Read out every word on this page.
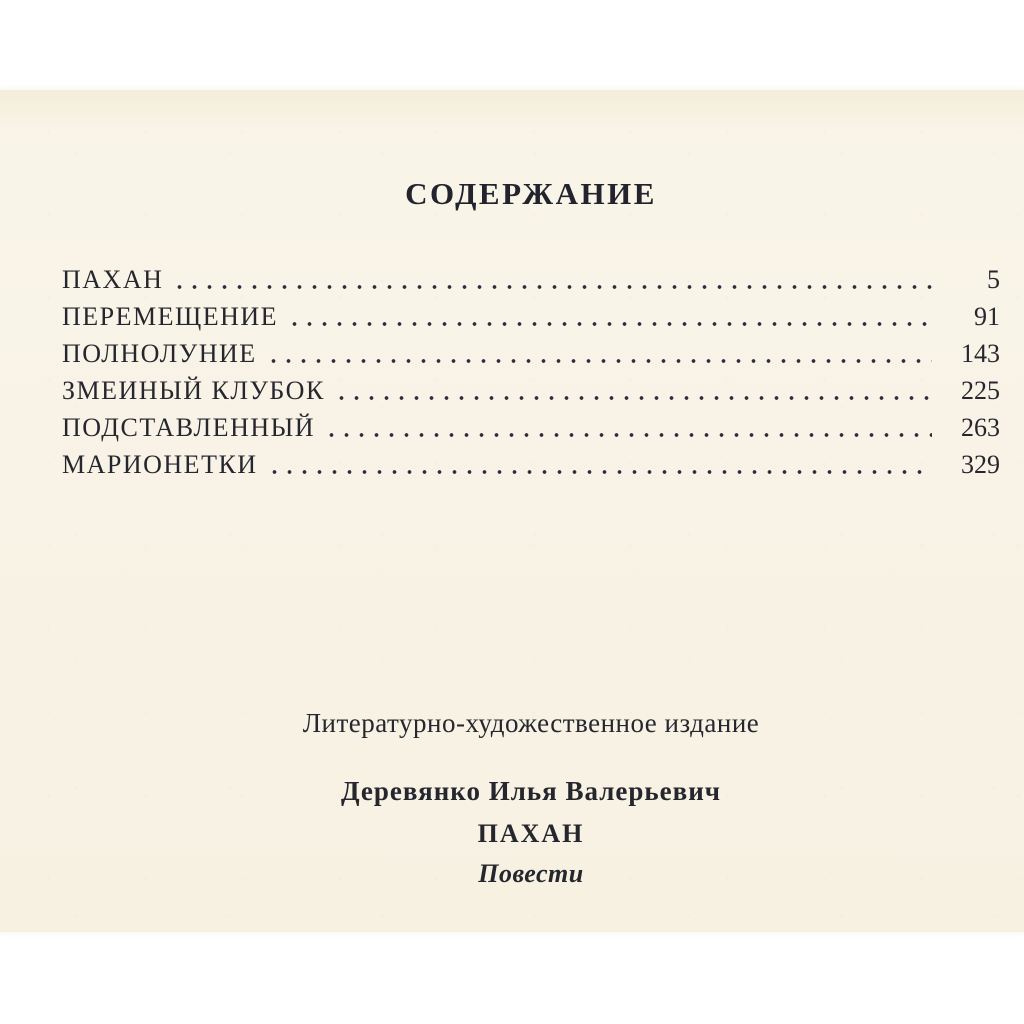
СОДЕРЖАНИЕ
ПАХАН	5
ПЕРЕМЕЩЕНИЕ	91
ПОЛНОЛУНИЕ	143
ЗМЕИНЫЙ КЛУБОК	225
ПОДСТАВЛЕННЫЙ	263
МАРИОНЕТКИ	329
Литературно-художественное издание
Деревянко Илья Валерьевич
ПАХАН
Повести
